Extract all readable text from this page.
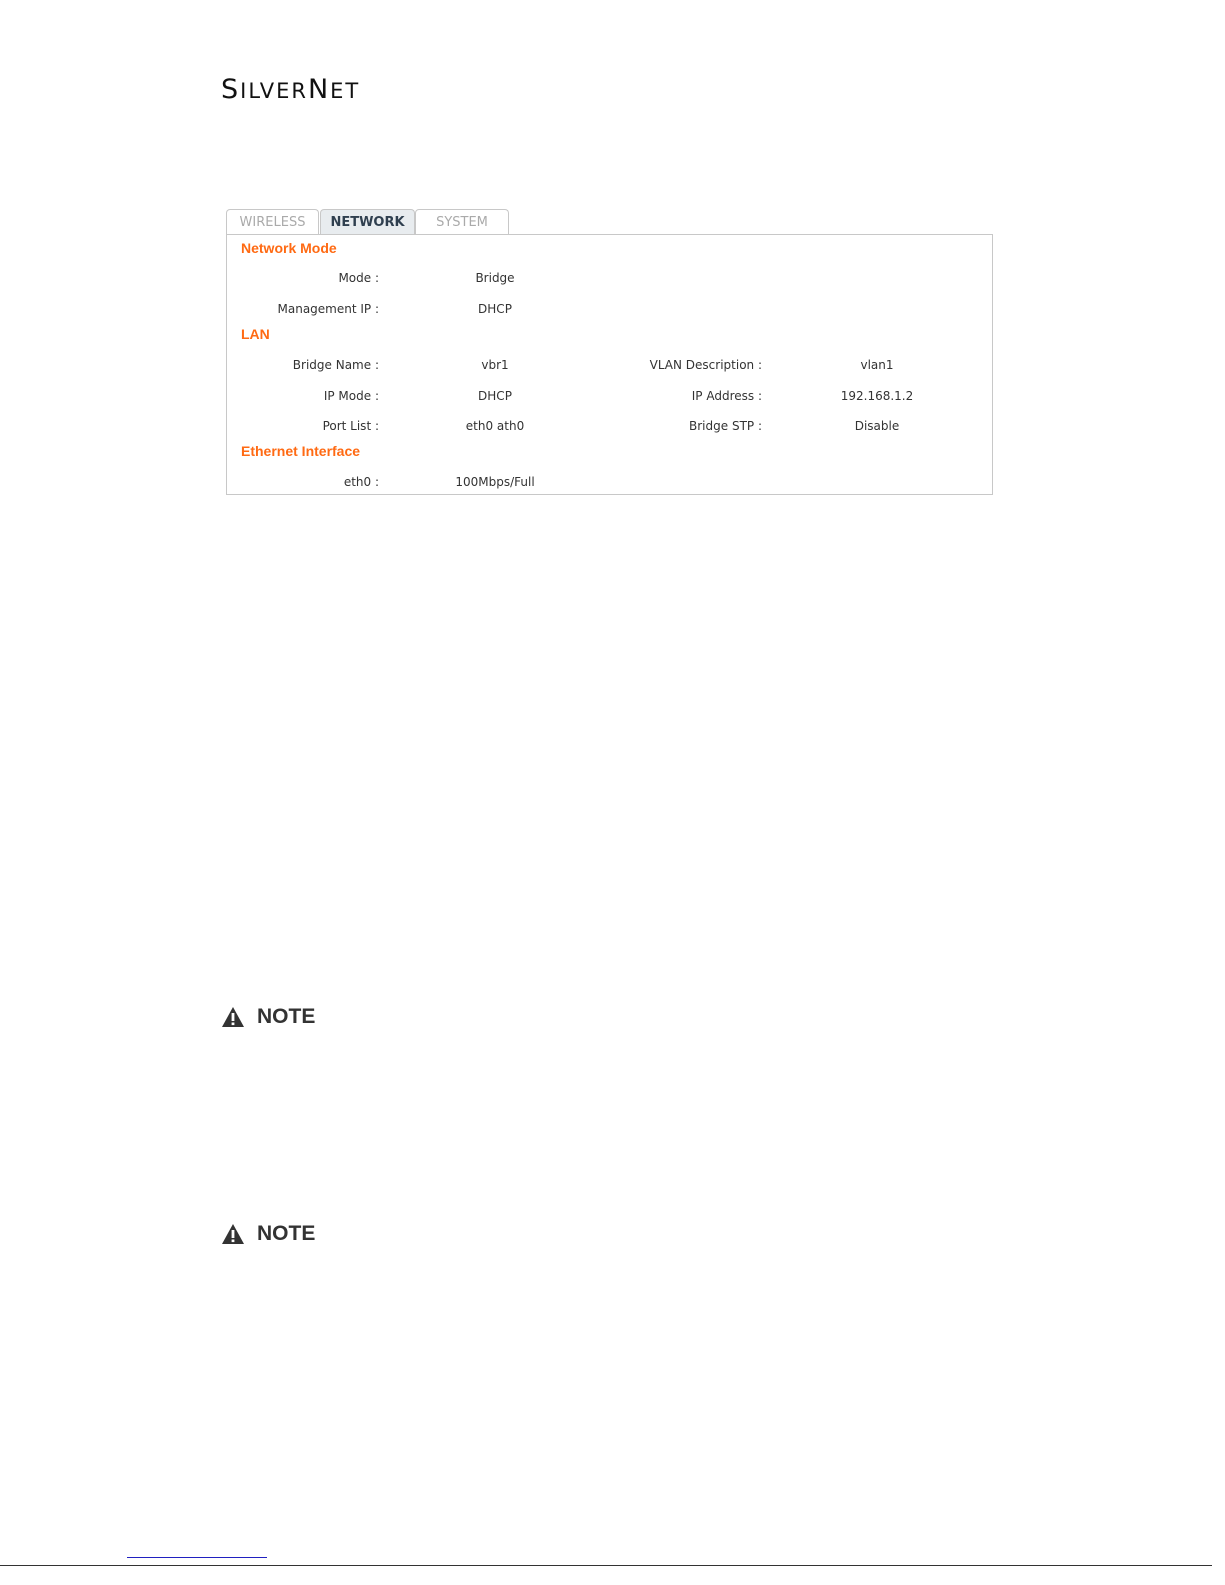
SILVERNET
WIRELESS	NETWORK	SYSTEM
Network Mode
Mode :	Bridge
Management IP :	DHCP
LAN
Bridge Name :	vbr1	VLAN Description :	vlan1
IP Mode :	DHCP	IP Address :	192.168.1.2
Port List :	eth0 ath0	Bridge STP :	Disable
Ethernet Interface
eth0 :	100Mbps/Full
NOTE
NOTE
